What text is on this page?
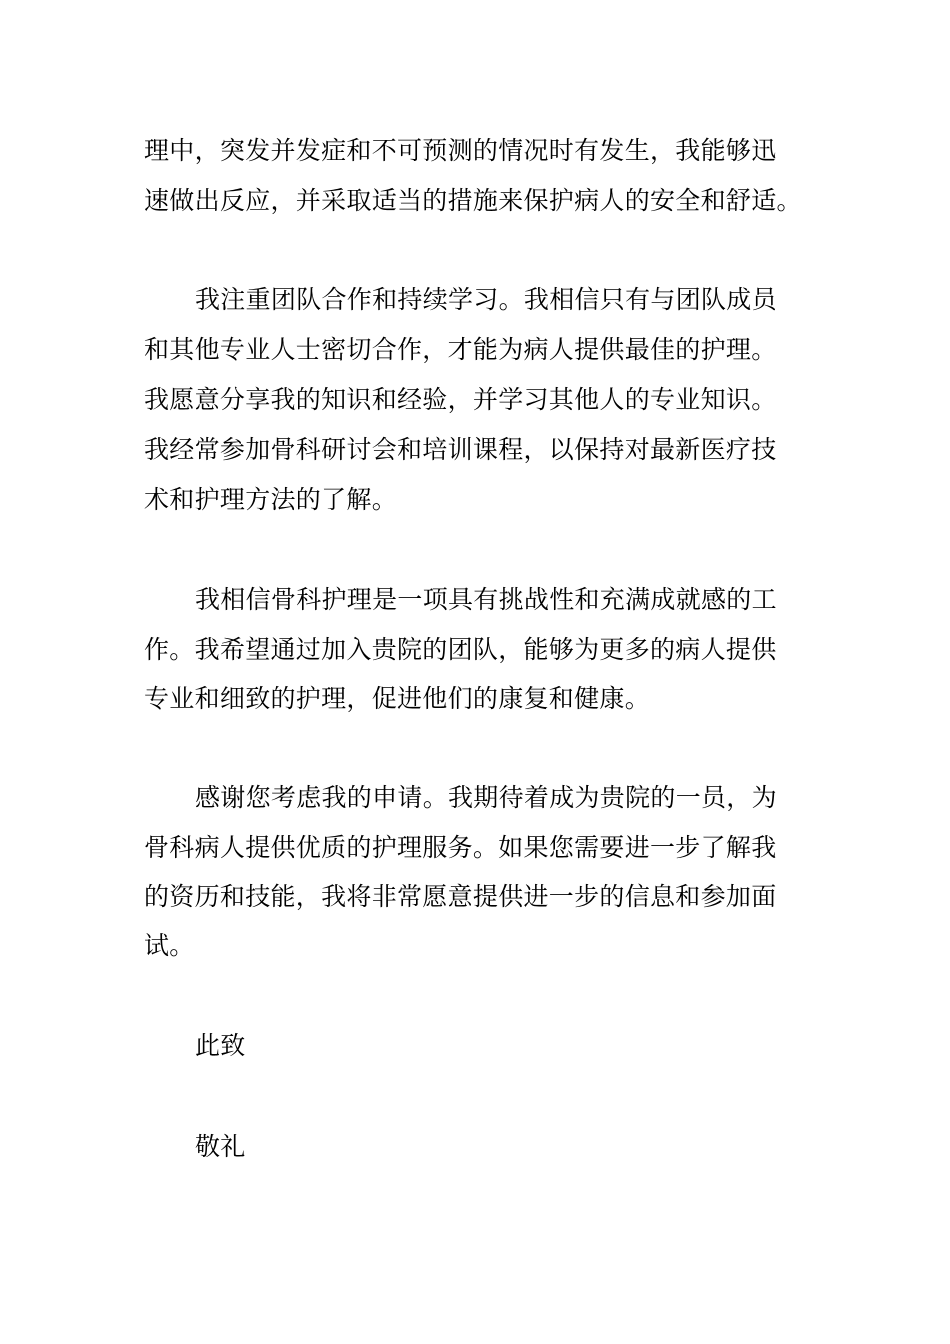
理中，突发并发症和不可预测的情况时有发生，我能够迅
速做出反应，并采取适当的措施来保护病人的安全和舒适。
我注重团队合作和持续学习。我相信只有与团队成员
和其他专业人士密切合作，才能为病人提供最佳的护理。
我愿意分享我的知识和经验，并学习其他人的专业知识。
我经常参加骨科研讨会和培训课程，以保持对最新医疗技
术和护理方法的了解。
我相信骨科护理是一项具有挑战性和充满成就感的工
作。我希望通过加入贵院的团队，能够为更多的病人提供
专业和细致的护理，促进他们的康复和健康。
感谢您考虑我的申请。我期待着成为贵院的一员，为
骨科病人提供优质的护理服务。如果您需要进一步了解我
的资历和技能，我将非常愿意提供进一步的信息和参加面
试。
此致
敬礼
